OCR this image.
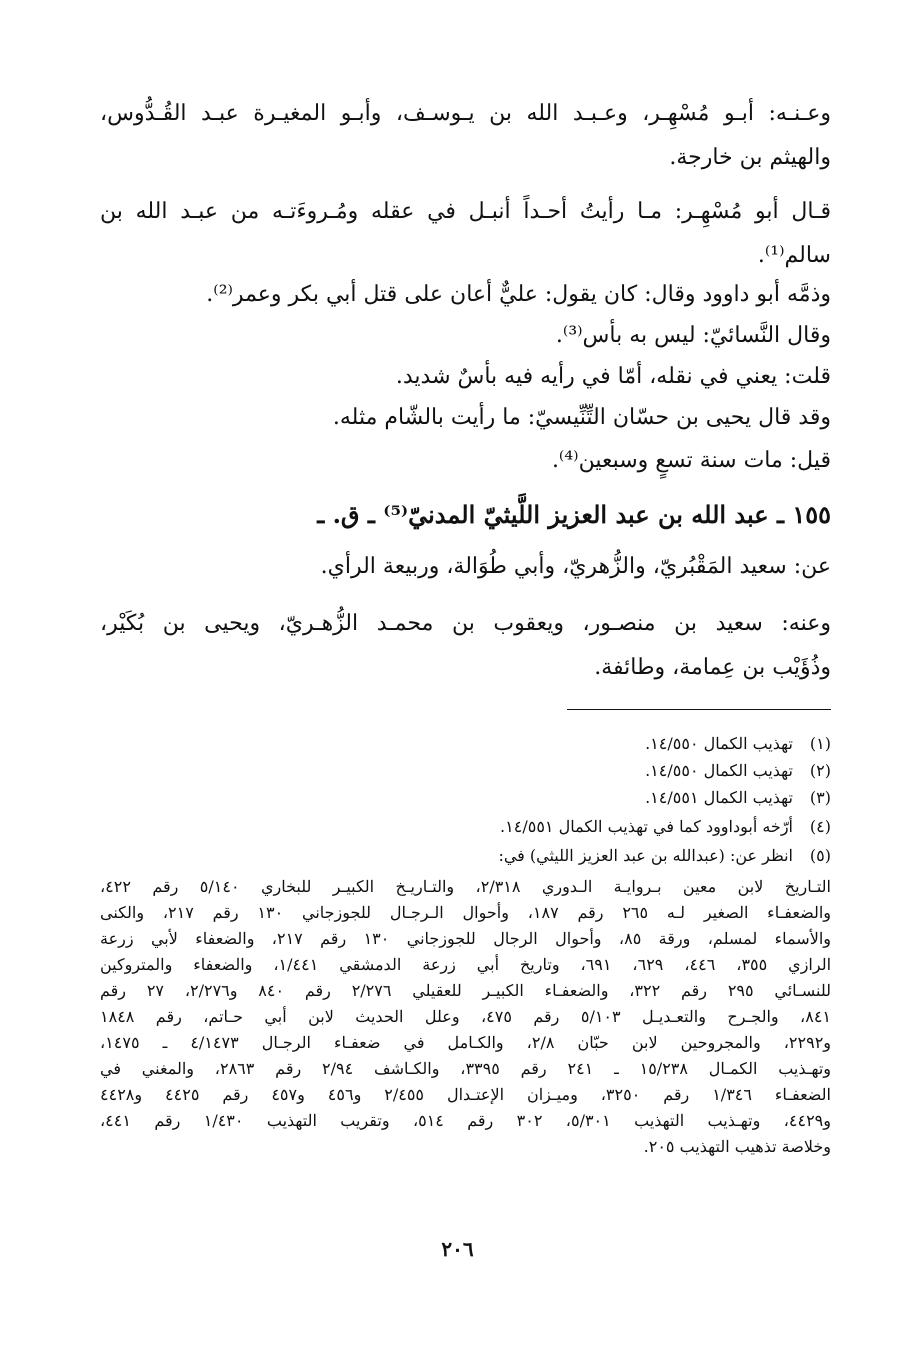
وعـنـه: أبـو مُسْهِـر، وعـبـد الله بن يـوسـف، وأبـو المغيـرة عبـد القُـدُّوس،
والهيثم بن خارجة.
قـال أبو مُسْهِـر: مـا رأيتُ أحـداً أنبـل في عقله ومُـروءَتـه من عبـد الله بن
سالم⁽¹⁾.
وذمَّه أبو داوود وقال: كان يقول: عليٌّ أعان على قتل أبي بكر وعمر⁽²⁾.
وقال النَّسائيّ: ليس به بأس⁽³⁾.
قلت: يعني في نقله، أمّا في رأيه فيه بأسٌ شديد.
وقد قال يحيى بن حسّان التِّنِّيسيّ: ما رأيت بالشّام مثله.
قيل: مات سنة تسعٍ وسبعين⁽⁴⁾.
١٥٥ ـ عبد الله بن عبد العزيز اللَّيثيّ المدنيّ⁽⁵⁾ ـ ق. ـ
عن: سعيد المَقْبُريّ، والزُّهريّ، وأبي طُوَالة، وربيعة الرأي.
وعنه: سعيد بن منصـور، ويعقوب بن محمـد الزُّهـريّ، ويحيى بن بُكَيْر،
وذُؤَيْب بن عِمامة، وطائفة.
(١)
تهذيب الكمال ١٤/٥٥٠.
(٢)
تهذيب الكمال ١٤/٥٥٠.
(٣)
تهذيب الكمال ١٤/٥٥١.
(٤)
أرّخه أبوداوود كما في تهذيب الكمال ١٤/٥٥١.
(٥)
انظر عن: (عبدالله بن عبد العزيز الليثي) في:
التـاريخ لابن معين بـروايـة الـدوري ٢/٣١٨، والتـاريـخ الكبيـر للبخاري ٥/١٤٠ رقم ٤٢٢،
والضعفـاء الصغير لـه ٢٦٥ رقم ١٨٧، وأحوال الـرجـال للجوزجاني ١٣٠ رقم ٢١٧، والكنى
والأسماء لمسلم، ورقة ٨٥، وأحوال الرجال للجوزجاني ١٣٠ رقم ٢١٧، والضعفاء لأبي زرعة
الرازي ٣٥٥، ٤٤٦، ٦٢٩، ٦٩١، وتاريخ أبي زرعة الدمشقي ١/٤٤١، والضعفاء والمتروكين
للنسـائي ٢٩٥ رقم ٣٢٢، والضعفـاء الكبيـر للعقيلي ٢/٢٧٦ رقم ٨٤٠ و٢/٢٧٦، ٢٧ رقم
٨٤١، والجـرح والتعـديـل ٥/١٠٣ رقم ٤٧٥، وعلل الحديث لابن أبي حـاتم، رقم ١٨٤٨
و٢٢٩٢، والمجروحين لابن حبّان ٢/٨، والكـامل في ضعفـاء الرجـال ٤/١٤٧٣ ـ ١٤٧٥،
وتهـذيب الكمـال ١٥/٢٣٨ ـ ٢٤١ رقم ٣٣٩٥، والكـاشف ٢/٩٤ رقم ٢٨٦٣، والمغني في
الضعفـاء ١/٣٤٦ رقم ٣٢٥٠، وميـزان الإعتـدال ٢/٤٥٥ و٤٥٦ و٤٥٧ رقم ٤٤٢٥ و٤٤٢٨
و٤٤٢٩، وتهـذيب التهذيب ٥/٣٠١، ٣٠٢ رقم ٥١٤، وتقريب التهذيب ١/٤٣٠ رقم ٤٤١،
وخلاصة تذهيب التهذيب ٢٠٥.
٢٠٦
